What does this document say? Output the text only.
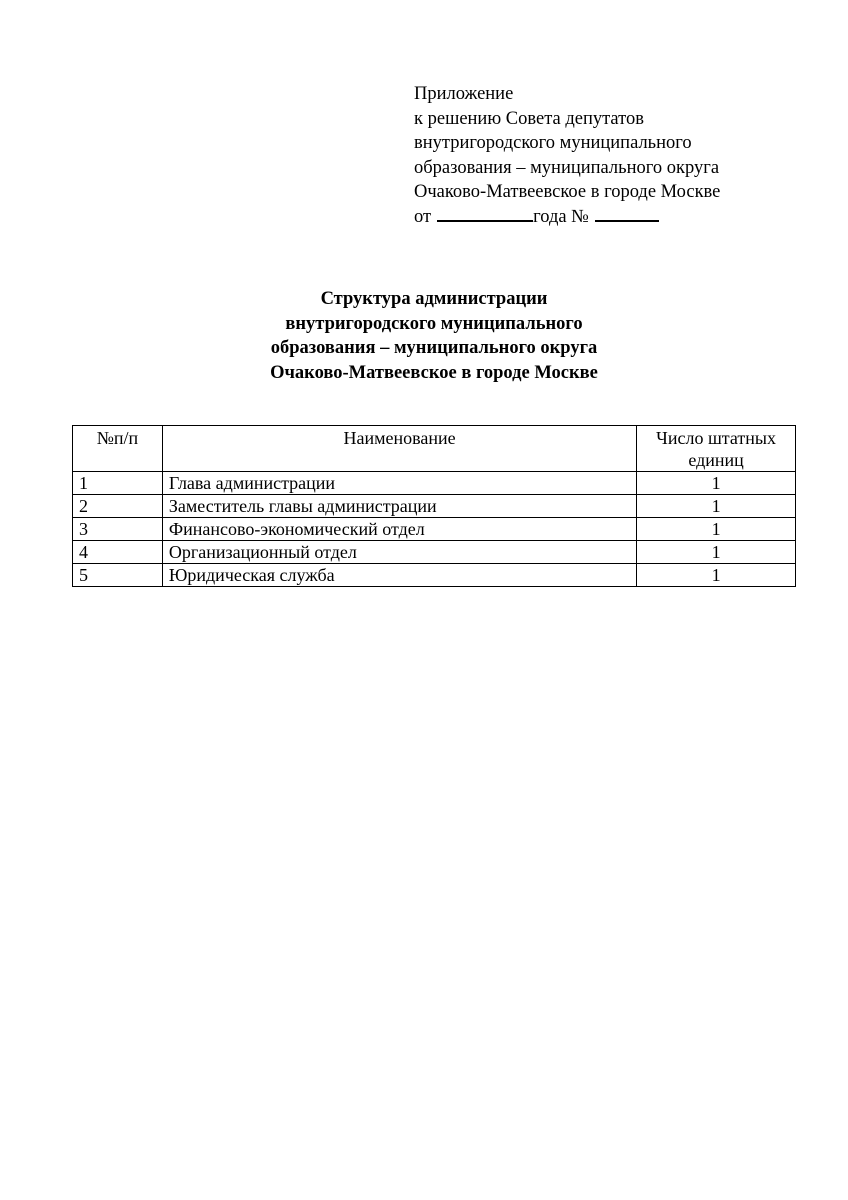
Приложение
к решению Совета депутатов
внутригородского муниципального
образования – муниципального округа
Очаково-Матвеевское в городе Москве
от	года №
Структура администрации
внутригородского муниципального
образования – муниципального округа
Очаково-Матвеевское в городе Москве
№п/п	Наименование	Число штатных единиц
1	Глава администрации	1
2	Заместитель главы администрации	1
3	Финансово-экономический отдел	1
4	Организационный отдел	1
5	Юридическая служба	1
